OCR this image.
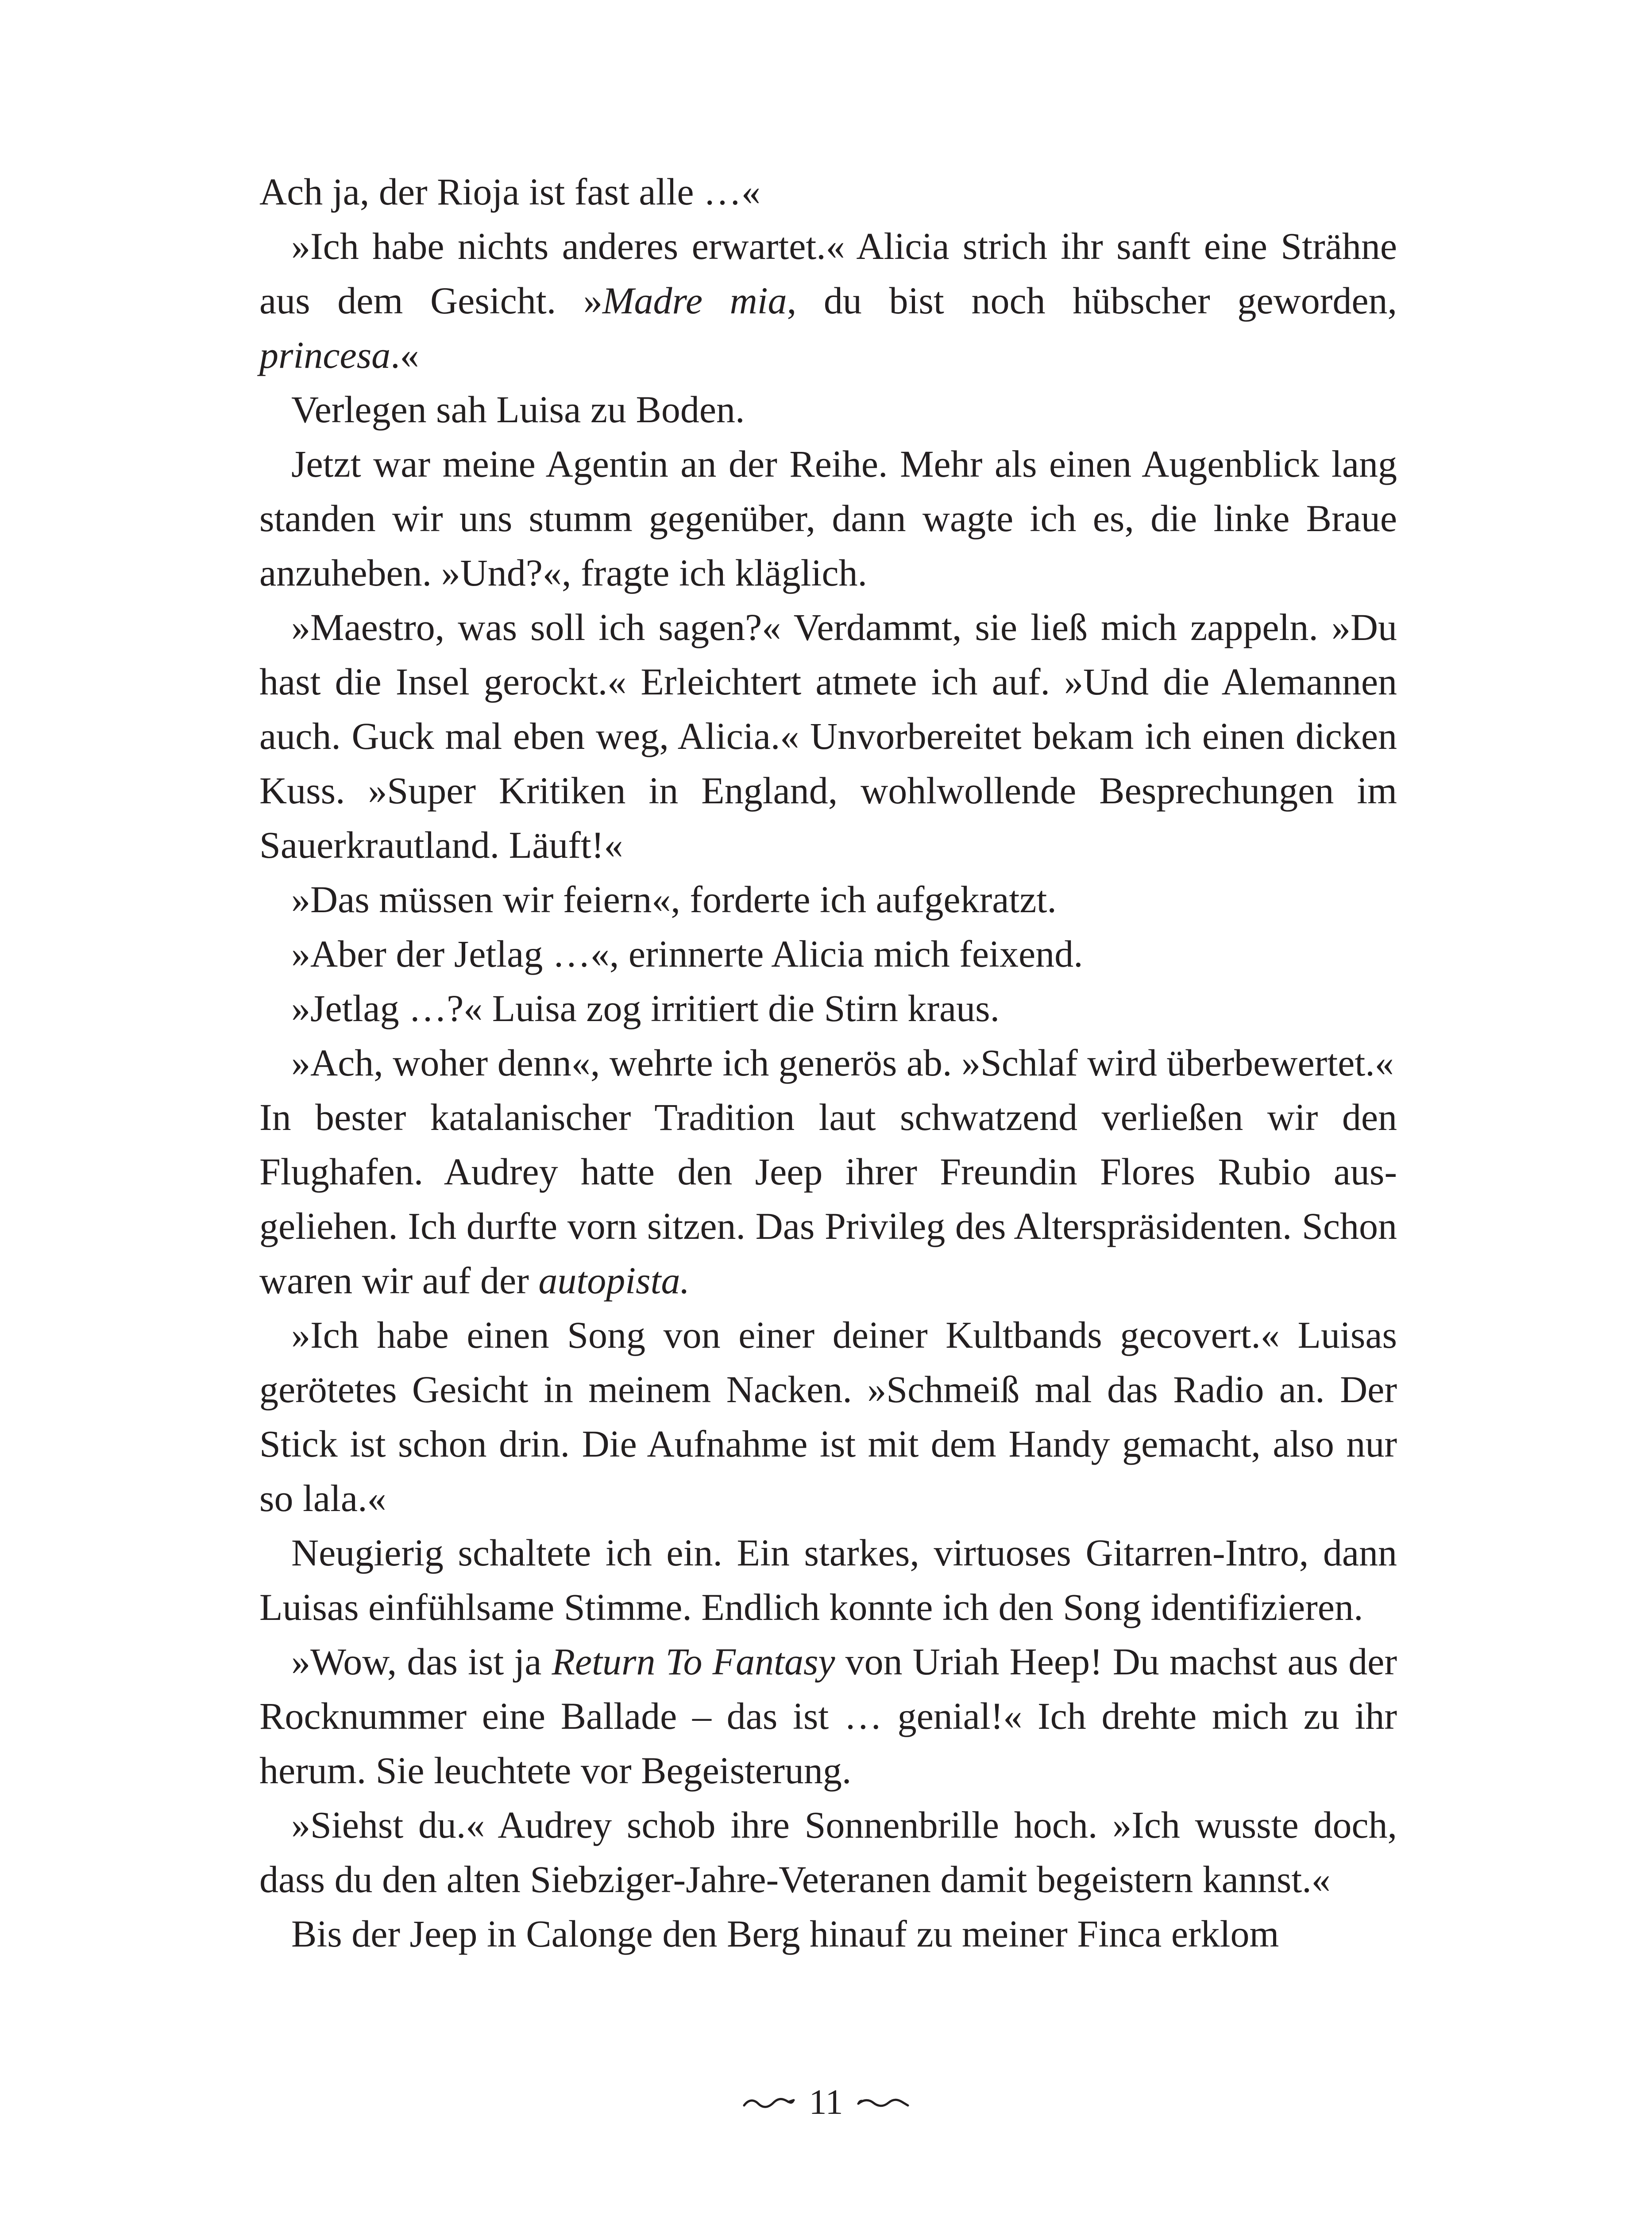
Ach ja, der Rioja ist fast alle …«

»Ich habe nichts anderes erwartet.« Alicia strich ihr sanft eine Strähne aus dem Gesicht. »Madre mia, du bist noch hübscher geworden, princesa.«

Verlegen sah Luisa zu Boden.

Jetzt war meine Agentin an der Reihe. Mehr als einen Augenblick lang standen wir uns stumm gegenüber, dann wagte ich es, die linke Braue anzuheben. »Und?«, fragte ich kläglich.

»Maestro, was soll ich sagen?« Verdammt, sie ließ mich zappeln. »Du hast die Insel gerockt.« Erleichtert atmete ich auf. »Und die Alemannen auch. Guck mal eben weg, Alicia.« Unvorbereitet bekam ich einen dicken Kuss. »Super Kritiken in England, wohlwollende Besprechungen im Sauerkrautland. Läuft!«

»Das müssen wir feiern«, forderte ich aufgekratzt.

»Aber der Jetlag …«, erinnerte Alicia mich feixend.

»Jetlag …?« Luisa zog irritiert die Stirn kraus.

»Ach, woher denn«, wehrte ich generös ab. »Schlaf wird überbewertet.«

In bester katalanischer Tradition laut schwatzend verließen wir den Flughafen. Audrey hatte den Jeep ihrer Freundin Flores Rubio ausgeliehen. Ich durfte vorn sitzen. Das Privileg des Alterspräsidenten. Schon waren wir auf der autopista.

»Ich habe einen Song von einer deiner Kultbands gecovert.« Luisas gerötetes Gesicht in meinem Nacken. »Schmeiß mal das Radio an. Der Stick ist schon drin. Die Aufnahme ist mit dem Handy gemacht, also nur so lala.«

Neugierig schaltete ich ein. Ein starkes, virtuoses Gitarren-Intro, dann Luisas einfühlsame Stimme. Endlich konnte ich den Song identifizieren.

»Wow, das ist ja Return To Fantasy von Uriah Heep! Du machst aus der Rocknummer eine Ballade – das ist … genial!« Ich drehte mich zu ihr herum. Sie leuchtete vor Begeisterung.

»Siehst du.« Audrey schob ihre Sonnenbrille hoch. »Ich wusste doch, dass du den alten Siebziger-Jahre-Veteranen damit begeistern kannst.«

Bis der Jeep in Calonge den Berg hinauf zu meiner Finca erklom

11
